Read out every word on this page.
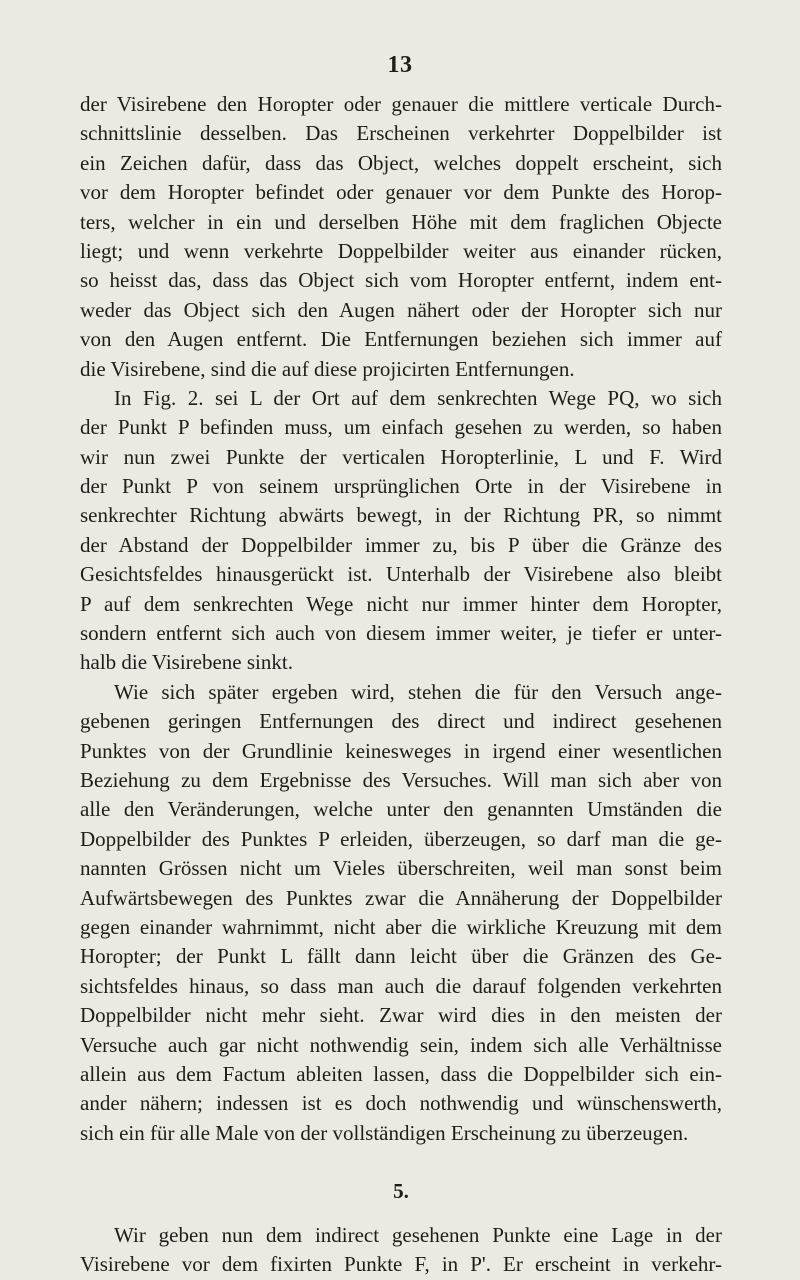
13
der Visirebene den Horopter oder genauer die mittlere verticale Durch-
schnittslinie desselben. Das Erscheinen verkehrter Doppelbilder ist
ein Zeichen dafür, dass das Object, welches doppelt erscheint, sich
vor dem Horopter befindet oder genauer vor dem Punkte des Horop-
ters, welcher in ein und derselben Höhe mit dem fraglichen Objecte
liegt; und wenn verkehrte Doppelbilder weiter aus einander rücken,
so heisst das, dass das Object sich vom Horopter entfernt, indem ent-
weder das Object sich den Augen nähert oder der Horopter sich nur
von den Augen entfernt. Die Entfernungen beziehen sich immer auf
die Visirebene, sind die auf diese projicirten Entfernungen.
In Fig. 2. sei L der Ort auf dem senkrechten Wege PQ, wo sich
der Punkt P befinden muss, um einfach gesehen zu werden, so haben
wir nun zwei Punkte der verticalen Horopterlinie, L und F. Wird
der Punkt P von seinem ursprünglichen Orte in der Visirebene in
senkrechter Richtung abwärts bewegt, in der Richtung PR, so nimmt
der Abstand der Doppelbilder immer zu, bis P über die Gränze des
Gesichtsfeldes hinausgerückt ist. Unterhalb der Visirebene also bleibt
P auf dem senkrechten Wege nicht nur immer hinter dem Horopter,
sondern entfernt sich auch von diesem immer weiter, je tiefer er unter-
halb die Visirebene sinkt.
Wie sich später ergeben wird, stehen die für den Versuch ange-
gebenen geringen Entfernungen des direct und indirect gesehenen
Punktes von der Grundlinie keinesweges in irgend einer wesentlichen
Beziehung zu dem Ergebnisse des Versuches. Will man sich aber von
alle den Veränderungen, welche unter den genannten Umständen die
Doppelbilder des Punktes P erleiden, überzeugen, so darf man die ge-
nannten Grössen nicht um Vieles überschreiten, weil man sonst beim
Aufwärtsbewegen des Punktes zwar die Annäherung der Doppelbilder
gegen einander wahrnimmt, nicht aber die wirkliche Kreuzung mit dem
Horopter; der Punkt L fällt dann leicht über die Gränzen des Ge-
sichtsfeldes hinaus, so dass man auch die darauf folgenden verkehrten
Doppelbilder nicht mehr sieht. Zwar wird dies in den meisten der
Versuche auch gar nicht nothwendig sein, indem sich alle Verhältnisse
allein aus dem Factum ableiten lassen, dass die Doppelbilder sich ein-
ander nähern; indessen ist es doch nothwendig und wünschenswerth,
sich ein für alle Male von der vollständigen Erscheinung zu überzeugen.
5.
Wir geben nun dem indirect gesehenen Punkte eine Lage in der
Visirebene vor dem fixirten Punkte F, in P'. Er erscheint in verkehr-
